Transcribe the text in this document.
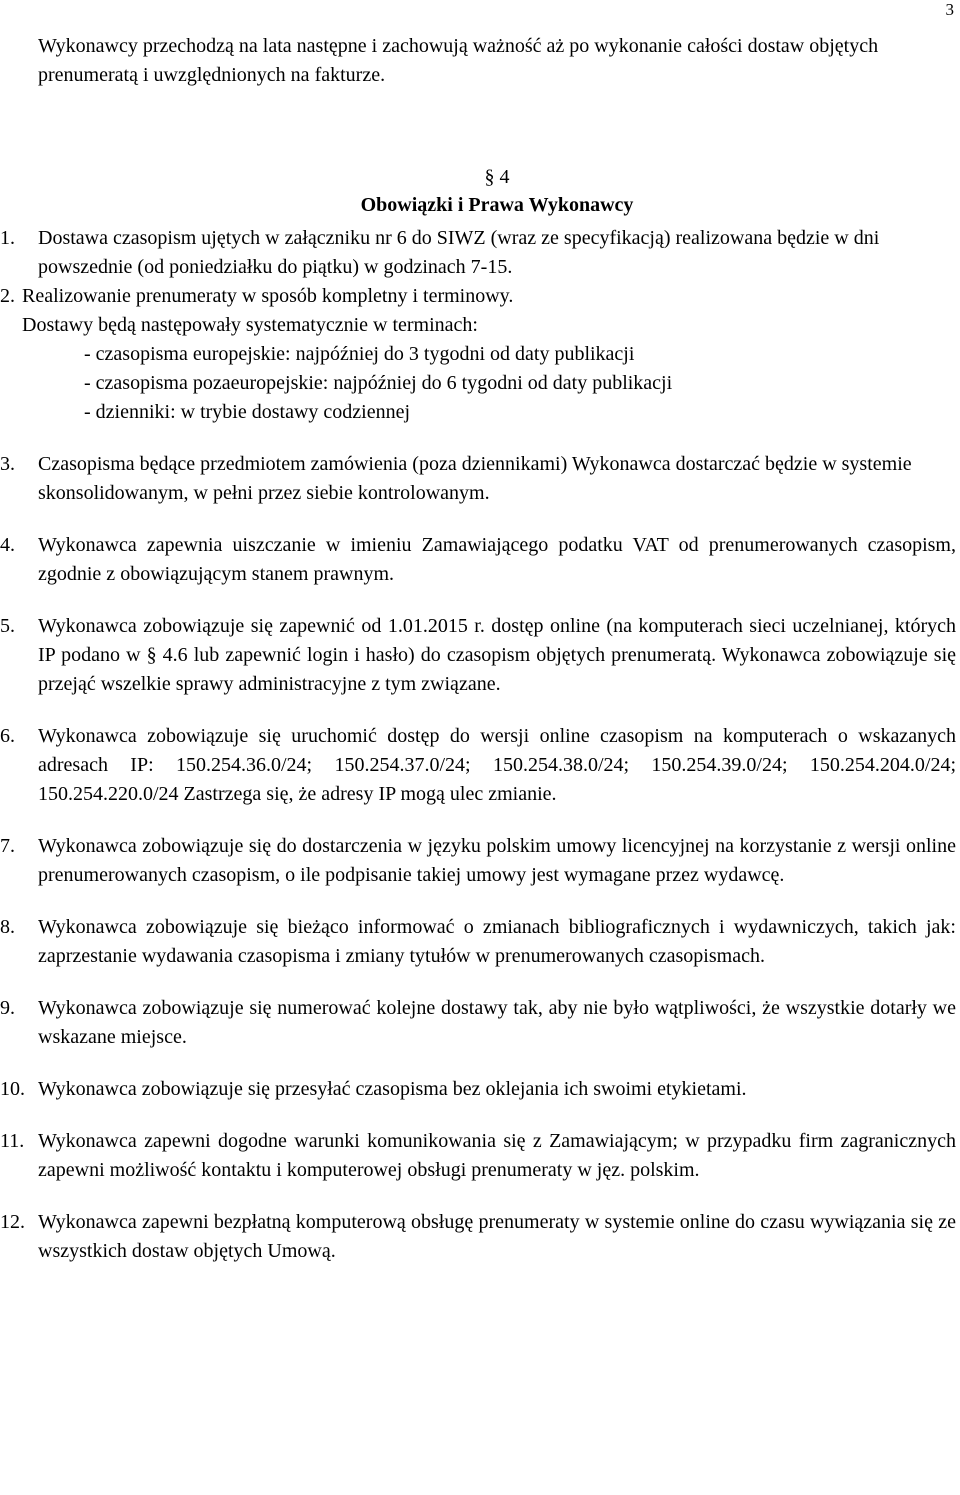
3

Wykonawcy przechodzą na lata następne i zachowują ważność aż po wykonanie całości dostaw objętych prenumeratą i uwzględnionych na fakturze.

§ 4
Obowiązki i Prawa Wykonawcy
1. Dostawa czasopism ujętych w załączniku nr 6 do SIWZ (wraz ze specyfikacją) realizowana będzie w dni powszednie (od poniedziałku do piątku) w godzinach 7-15.
2. Realizowanie prenumeraty w sposób kompletny i terminowy.
Dostawy będą następowały systematycznie w terminach:
- czasopisma europejskie: najpóźniej do 3 tygodni od daty publikacji
- czasopisma pozaeuropejskie: najpóźniej do 6 tygodni od daty publikacji
- dzienniki: w trybie dostawy codziennej
3. Czasopisma będące przedmiotem zamówienia (poza dziennikami) Wykonawca dostarczać będzie w systemie skonsolidowanym, w pełni przez siebie kontrolowanym.
4. Wykonawca zapewnia uiszczanie w imieniu Zamawiającego podatku VAT od prenumerowanych czasopism, zgodnie z obowiązującym stanem prawnym.
5. Wykonawca zobowiązuje się zapewnić od 1.01.2015 r. dostęp online (na komputerach sieci uczelnianej, których IP podano w § 4.6 lub zapewnić login i hasło) do czasopism objętych prenumeratą. Wykonawca zobowiązuje się przejąć wszelkie sprawy administracyjne z tym związane.
6. Wykonawca zobowiązuje się uruchomić dostęp do wersji online czasopism na komputerach o wskazanych adresach IP: 150.254.36.0/24; 150.254.37.0/24; 150.254.38.0/24; 150.254.39.0/24; 150.254.204.0/24; 150.254.220.0/24 Zastrzega się, że adresy IP mogą ulec zmianie.
7. Wykonawca zobowiązuje się do dostarczenia w języku polskim umowy licencyjnej na korzystanie z wersji online prenumerowanych czasopism, o ile podpisanie takiej umowy jest wymagane przez wydawcę.
8. Wykonawca zobowiązuje się bieżąco informować o zmianach bibliograficznych i wydawniczych, takich jak: zaprzestanie wydawania czasopisma i zmiany tytułów w prenumerowanych czasopismach.
9. Wykonawca zobowiązuje się numerować kolejne dostawy tak, aby nie było wątpliwości, że wszystkie dotarły we wskazane miejsce.
10. Wykonawca zobowiązuje się przesyłać czasopisma bez oklejania ich swoimi etykietami.
11. Wykonawca zapewni dogodne warunki komunikowania się z Zamawiającym; w przypadku firm zagranicznych zapewni możliwość kontaktu i komputerowej obsługi prenumeraty w jęz. polskim.
12. Wykonawca zapewni bezpłatną komputerową obsługę prenumeraty w systemie online do czasu wywiązania się ze wszystkich dostaw objętych Umową.
